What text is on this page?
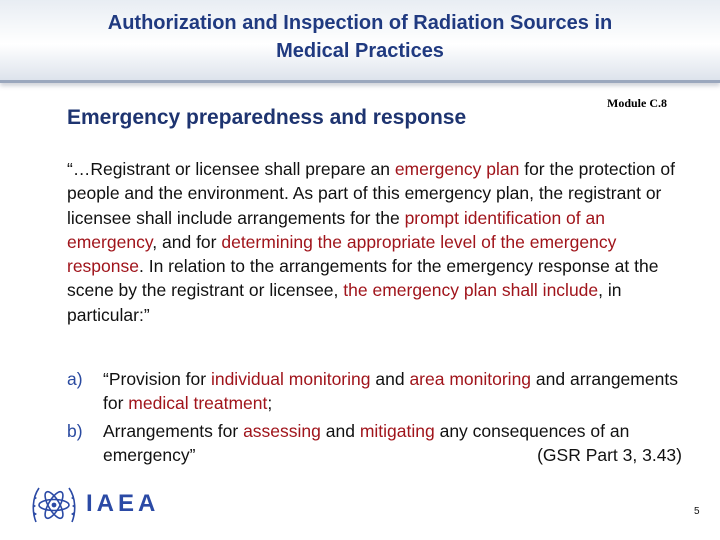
Authorization and Inspection of Radiation Sources in
Medical Practices
Emergency preparedness and response
Module C.8
“…Registrant or licensee shall prepare an emergency plan for the protection of people and the environment. As part of this emergency plan, the registrant or licensee shall include arrangements for the prompt identification of an emergency, and for determining the appropriate level of the emergency response. In relation to the arrangements for the emergency response at the scene by the registrant or licensee, the emergency plan shall include, in particular:”
a) “Provision for individual monitoring and area monitoring and arrangements for medical treatment;
b) Arrangements for assessing and mitigating any consequences of an emergency”	(GSR Part 3, 3.43)
IAEA	5
